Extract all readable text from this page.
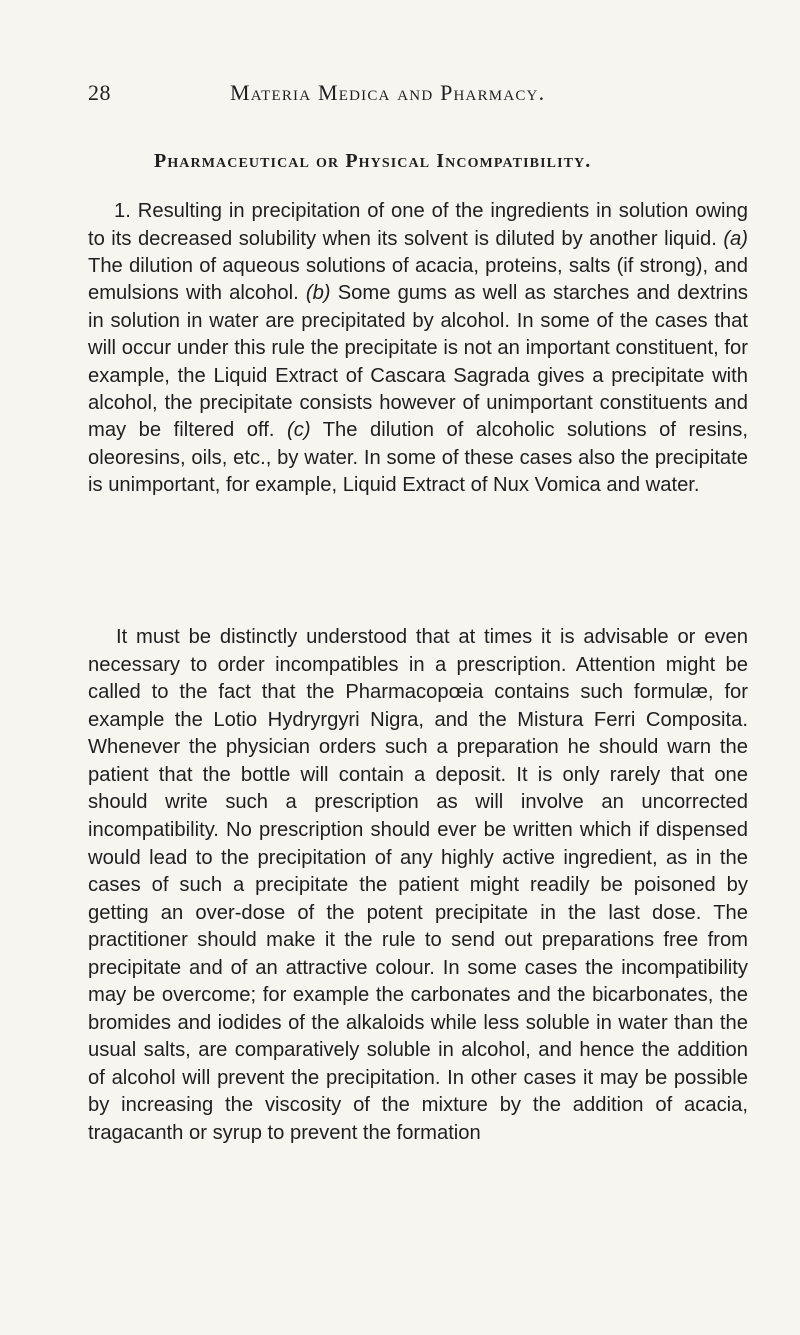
28	Materia Medica and Pharmacy.
Pharmaceutical or Physical Incompatibility.

1. Resulting in precipitation of one of the ingredients in solution owing to its decreased solubility when its solvent is diluted by another liquid. (a) The dilution of aqueous solutions of acacia, proteins, salts (if strong), and emulsions with alcohol. (b) Some gums as well as starches and dextrins in solution in water are precipitated by alcohol. In some of the cases that will occur under this rule the precipitate is not an important constituent, for example, the Liquid Extract of Cascara Sagrada gives a precipitate with alcohol, the precipitate consists however of unimportant constituents and may be filtered off. (c) The dilution of alcoholic solutions of resins, oleoresins, oils, etc., by water. In some of these cases also the precipitate is unimportant, for example, Liquid Extract of Nux Vomica and water.

It must be distinctly understood that at times it is advisable or even necessary to order incompatibles in a prescription. Attention might be called to the fact that the Pharmacopœia contains such formulæ, for example the Lotio Hydryrgyri Nigra, and the Mistura Ferri Composita. Whenever the physician orders such a preparation he should warn the patient that the bottle will contain a deposit. It is only rarely that one should write such a prescription as will involve an uncorrected incompatibility. No prescription should ever be written which if dispensed would lead to the precipitation of any highly active ingredient, as in the cases of such a precipitate the patient might readily be poisoned by getting an over-dose of the potent precipitate in the last dose. The practitioner should make it the rule to send out preparations free from precipitate and of an attractive colour. In some cases the incompatibility may be overcome; for example the carbonates and the bicarbonates, the bromides and iodides of the alkaloids while less soluble in water than the usual salts, are comparatively soluble in alcohol, and hence the addition of alcohol will prevent the precipitation. In other cases it may be possible by increasing the viscosity of the mixture by the addition of acacia, tragacanth or syrup to prevent the formation
